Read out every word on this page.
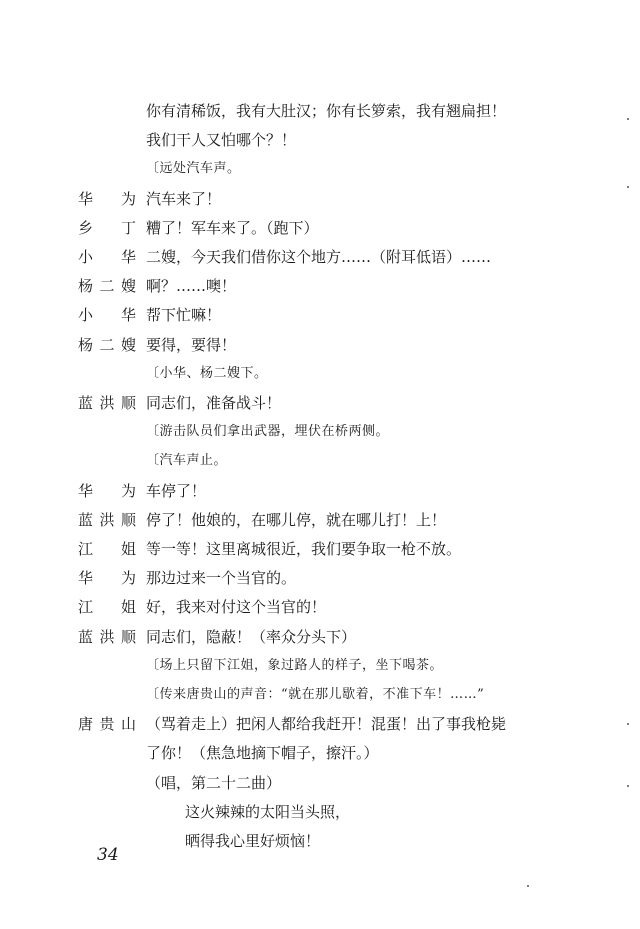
你有清稀饭，我有大肚汉；你有长箩索，我有翘扁担！
我们干人又怕哪个？！
〔远处汽车声。
华 为 汽车来了！
乡 丁 糟了！军车来了。（跑下）
小 华 二嫂，今天我们借你这个地方……（附耳低语）……
杨二嫂 啊？……噢！
小 华 帮下忙嘛！
杨二嫂 要得，要得！
〔小华、杨二嫂下。
蓝洪顺 同志们，准备战斗！
〔游击队员们拿出武器，埋伏在桥两侧。
〔汽车声止。
华 为 车停了！
蓝洪顺 停了！他娘的，在哪儿停，就在哪儿打！上！
江 姐 等一等！这里离城很近，我们要争取一枪不放。
华 为 那边过来一个当官的。
江 姐 好，我来对付这个当官的！
蓝洪顺 同志们，隐蔽！（率众分头下）
〔场上只留下江姐，象过路人的样子，坐下喝茶。
〔传来唐贵山的声音：“就在那儿歇着，不准下车！……”
唐贵山 （骂着走上）把闲人都给我赶开！混蛋！出了事我枪毙
了你！（焦急地摘下帽子，擦汗。）
（唱，第二十二曲）
这火辣辣的太阳当头照，
晒得我心里好烦恼！
34
